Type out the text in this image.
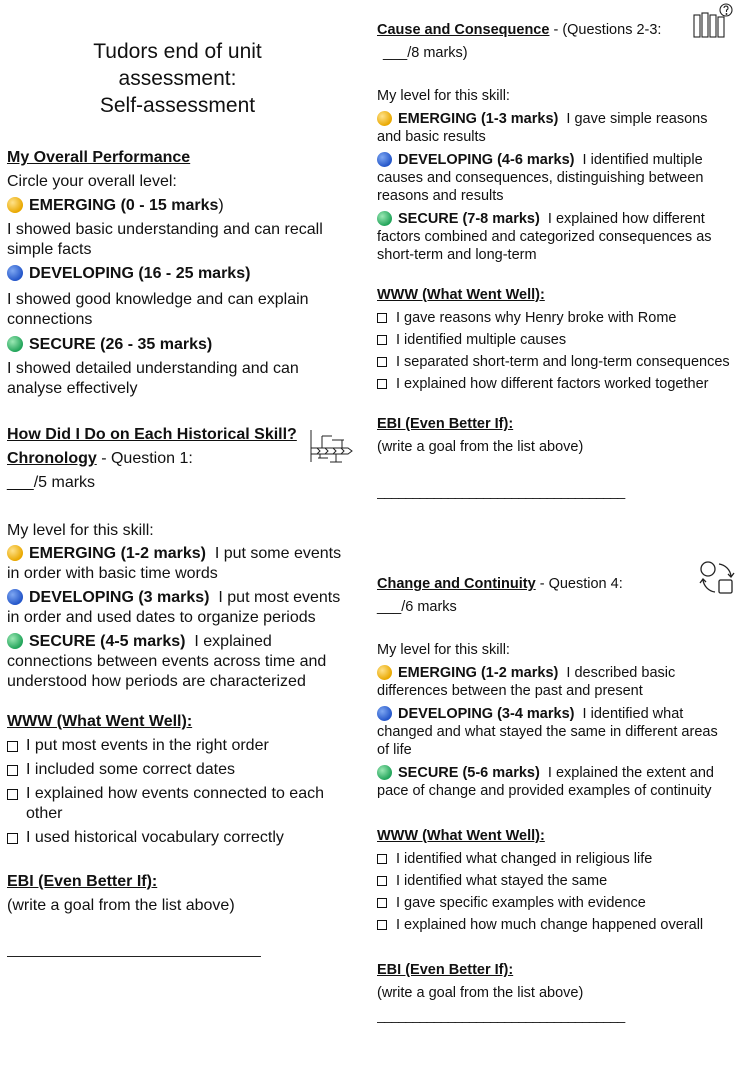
Tudors end of unit
assessment:
Self-assessment
My Overall Performance
Circle your overall level:
EMERGING (0 - 15 marks)
I showed basic understanding and can recall simple facts
DEVELOPING (16 - 25 marks)
I showed good knowledge and can explain connections
SECURE (26 - 35 marks)
I showed detailed understanding and can analyse effectively
How Did I Do on Each Historical Skill?
Chronology - Question 1:
___/5 marks
My level for this skill:
EMERGING (1-2 marks) I put some events in order with basic time words
DEVELOPING (3 marks) I put most events in order and used dates to organize periods
SECURE (4-5 marks) I explained connections between events across time and understood how periods are characterized
WWW (What Went Well):
I put most events in the right order
I included some correct dates
I explained how events connected to each other
I used historical vocabulary correctly
EBI (Even Better If):
(write a goal from the list above)
________________________________
Cause and Consequence - (Questions 2-3:
___/8 marks)
My level for this skill:
EMERGING (1-3 marks) I gave simple reasons and basic results
DEVELOPING (4-6 marks) I identified multiple causes and consequences, distinguishing between reasons and results
SECURE (7-8 marks) I explained how different factors combined and categorized consequences as short-term and long-term
WWW (What Went Well):
I gave reasons why Henry broke with Rome
I identified multiple causes
I separated short-term and long-term consequences
I explained how different factors worked together
EBI (Even Better If):
(write a goal from the list above)
___________________________________
Change and Continuity - Question 4:
___/6 marks
My level for this skill:
EMERGING (1-2 marks) I described basic differences between the past and present
DEVELOPING (3-4 marks) I identified what changed and what stayed the same in different areas of life
SECURE (5-6 marks) I explained the extent and pace of change and provided examples of continuity
WWW (What Went Well):
I identified what changed in religious life
I identified what stayed the same
I gave specific examples with evidence
I explained how much change happened overall
EBI (Even Better If):
(write a goal from the list above)
___________________________________
